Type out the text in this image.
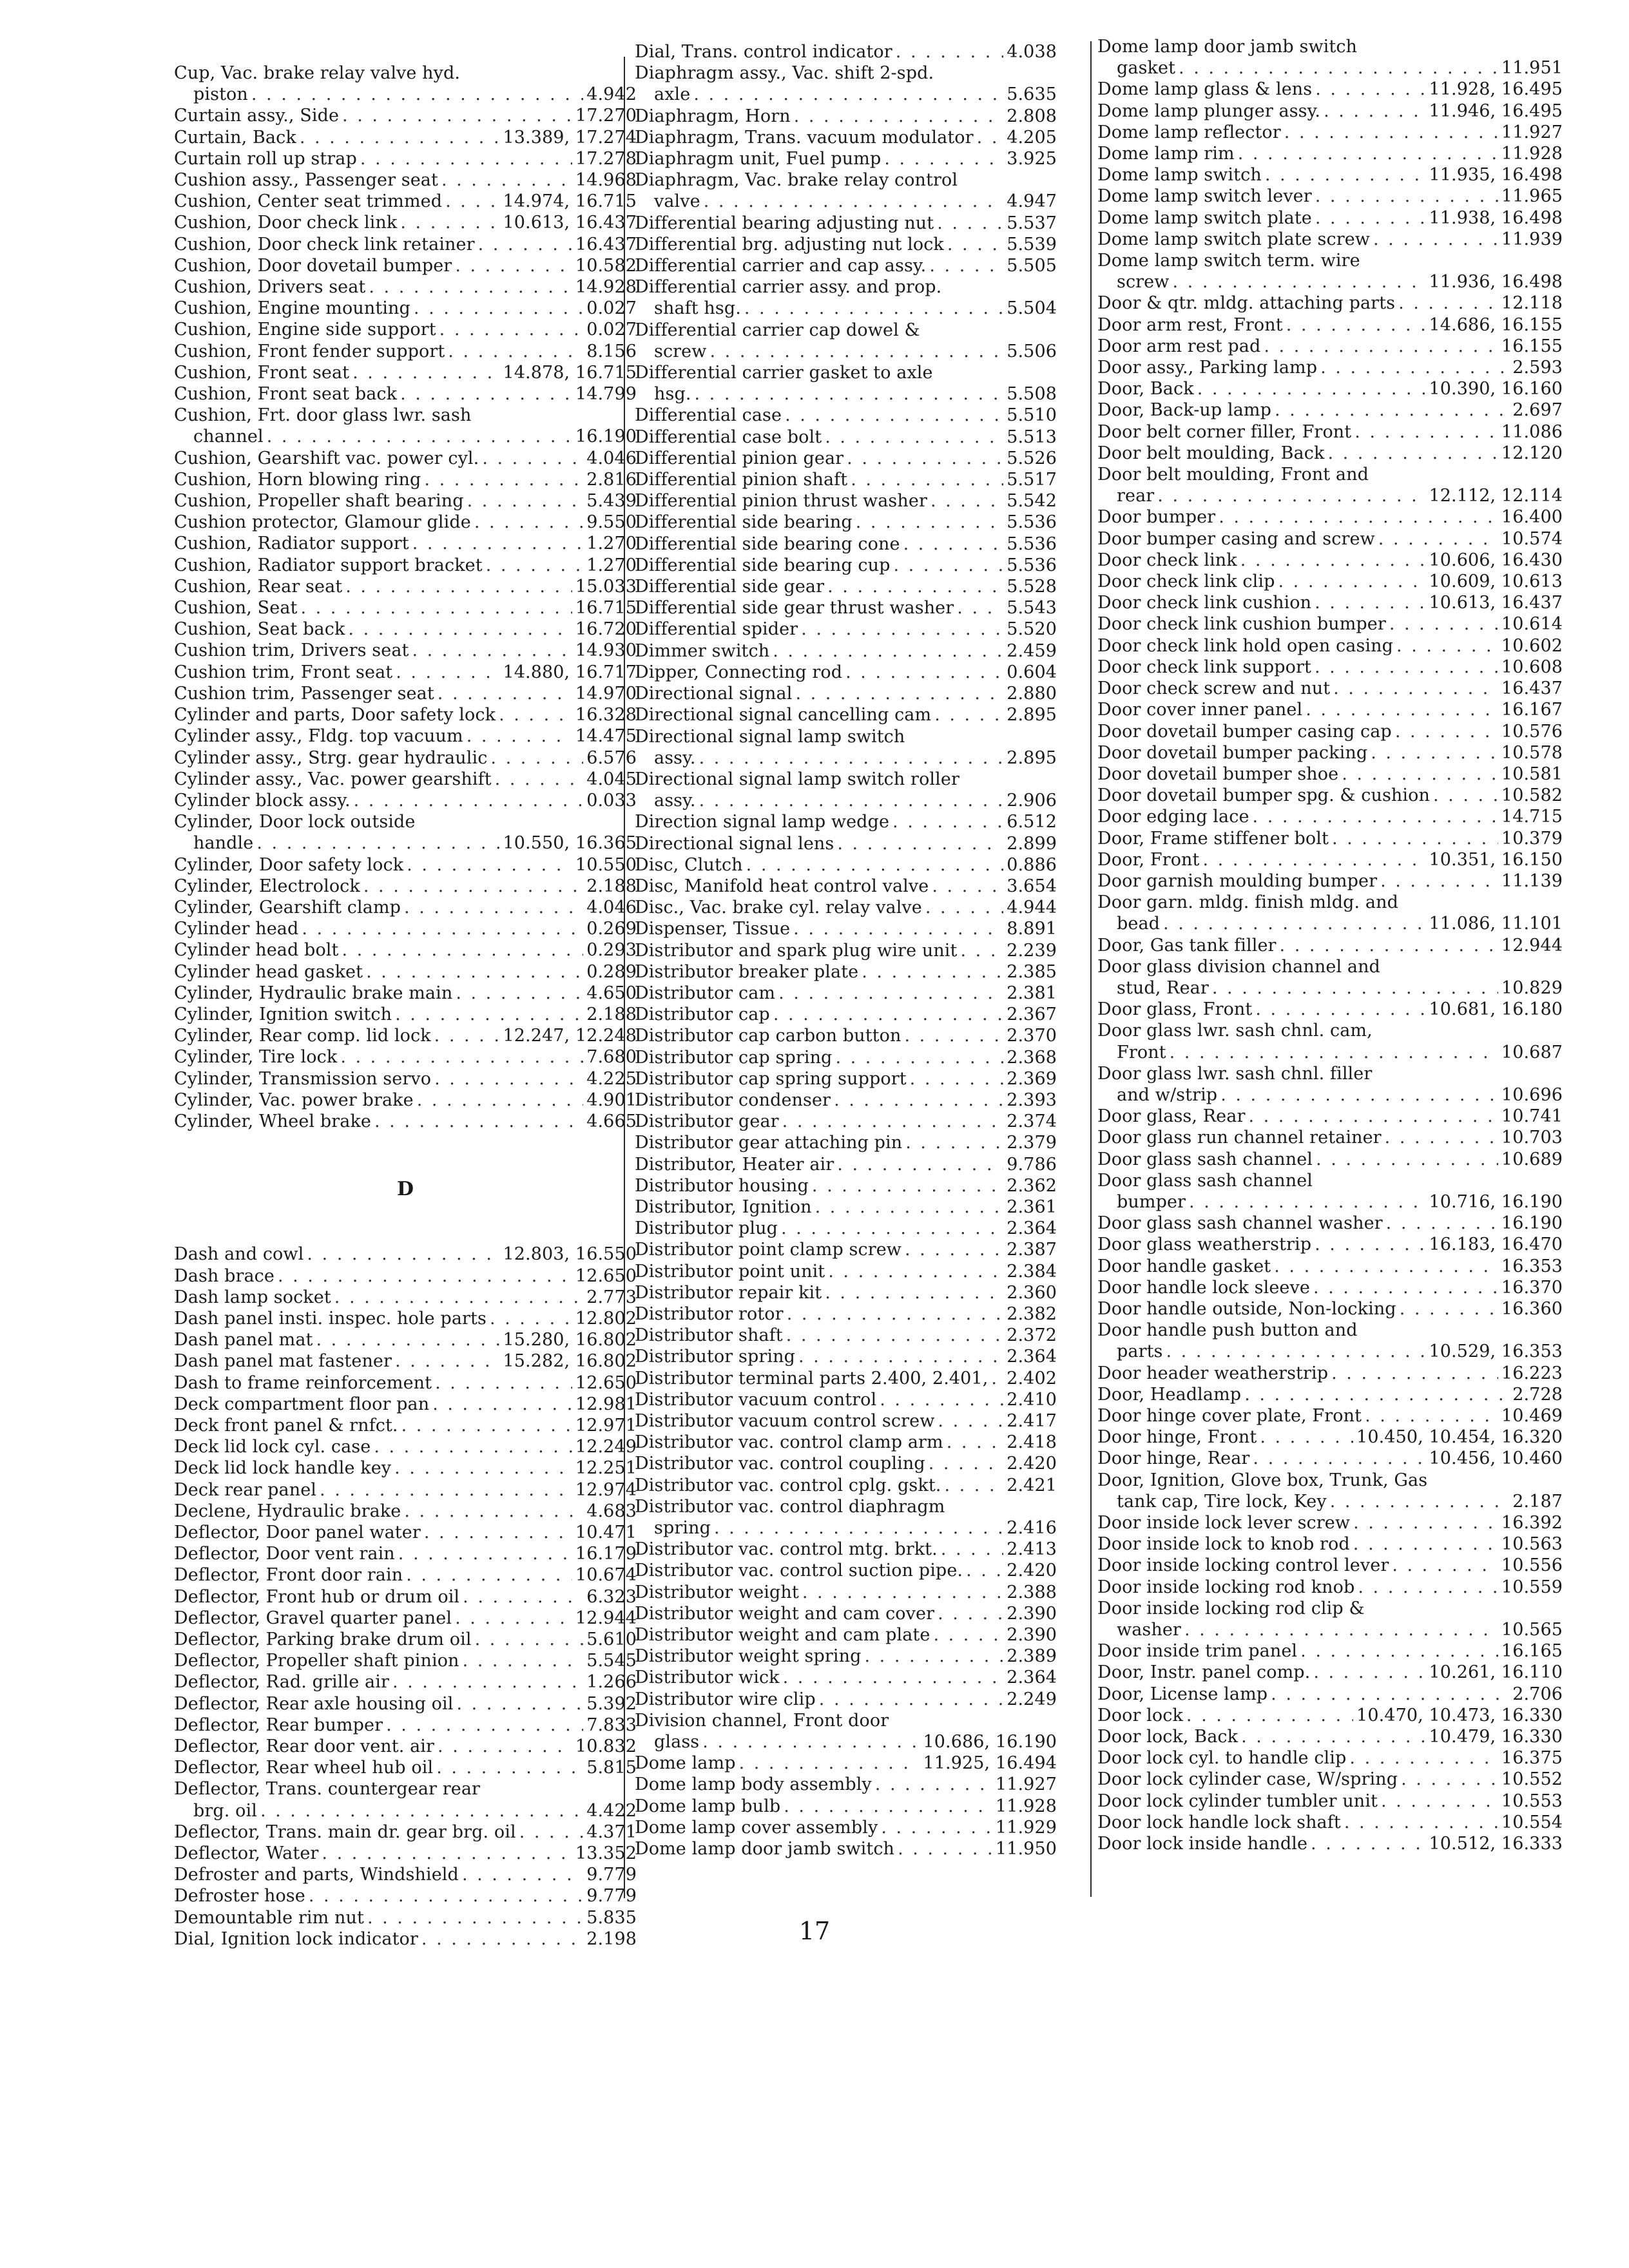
Cup, Vac. brake relay valve hyd.
piston . . .	4.942
Curtain assy., Side . . .	17.270
Curtain, Back . . .	13.389, 17.274
Curtain roll up strap . . .	17.278
Cushion assy., Passenger seat . . .	14.968
Cushion, Center seat trimmed . . .	14.974, 16.715
Cushion, Door check link . . .	10.613, 16.437
Cushion, Door check link retainer . . .	16.437
Cushion, Door dovetail bumper . . .	10.582
Cushion, Drivers seat . . .	14.928
Cushion, Engine mounting . . .	0.027
Cushion, Engine side support . . .	0.027
Cushion, Front fender support . . .	8.156
Cushion, Front seat . . .	14.878, 16.715
Cushion, Front seat back . . .	14.799
Cushion, Frt. door glass lwr. sash
channel . . .	16.190
Cushion, Gearshift vac. power cyl. . . .	4.046
Cushion, Horn blowing ring . . .	2.816
Cushion, Propeller shaft bearing . . .	5.439
Cushion protector, Glamour glide . . .	9.550
Cushion, Radiator support . . .	1.270
Cushion, Radiator support bracket . . .	1.270
Cushion, Rear seat . . .	15.033
Cushion, Seat . . .	16.715
Cushion, Seat back . . .	16.720
Cushion trim, Drivers seat . . .	14.930
Cushion trim, Front seat . . .	14.880, 16.717
Cushion trim, Passenger seat . . .	14.970
Cylinder and parts, Door safety lock . . .	16.328
Cylinder assy., Fldg. top vacuum . . .	14.475
Cylinder assy., Strg. gear hydraulic . . .	6.576
Cylinder assy., Vac. power gearshift . . .	4.045
Cylinder block assy. . . .	0.033
Cylinder, Door lock outside
handle . . .	10.550, 16.365
Cylinder, Door safety lock . . .	10.550
Cylinder, Electrolock . . .	2.188
Cylinder, Gearshift clamp . . .	4.046
Cylinder head . . .	0.269
Cylinder head bolt . . .	0.293
Cylinder head gasket . . .	0.289
Cylinder, Hydraulic brake main . . .	4.650
Cylinder, Ignition switch . . .	2.188
Cylinder, Rear comp. lid lock . . .	12.247, 12.248
Cylinder, Tire lock . . .	7.680
Cylinder, Transmission servo . . .	4.225
Cylinder, Vac. power brake . . .	4.901
Cylinder, Wheel brake . . .	4.665
D
Dash and cowl . . .	12.803, 16.550
Dash brace . . .	12.650
Dash lamp socket . . .	2.773
Dash panel insti. inspec. hole parts . . .	12.802
Dash panel mat . . .	15.280, 16.802
Dash panel mat fastener . . .	15.282, 16.802
Dash to frame reinforcement . . .	12.650
Deck compartment floor pan . . .	12.981
Deck front panel & rnfct. . . .	12.971
Deck lid lock cyl. case . . .	12.249
Deck lid lock handle key . . .	12.251
Deck rear panel . . .	12.974
Declene, Hydraulic brake . . .	4.683
Deflector, Door panel water . . .	10.471
Deflector, Door vent rain . . .	16.179
Deflector, Front door rain . . .	10.674
Deflector, Front hub or drum oil . . .	6.323
Deflector, Gravel quarter panel . . .	12.944
Deflector, Parking brake drum oil . . .	5.610
Deflector, Propeller shaft pinion . . .	5.545
Deflector, Rad. grille air . . .	1.266
Deflector, Rear axle housing oil . . .	5.392
Deflector, Rear bumper . . .	7.833
Deflector, Rear door vent. air . . .	10.832
Deflector, Rear wheel hub oil . . .	5.815
Deflector, Trans. countergear rear
brg. oil . . .	4.422
Deflector, Trans. main dr. gear brg. oil . . .	4.371
Deflector, Water . . .	13.352
Defroster and parts, Windshield . . .	9.779
Defroster hose . . .	9.779
Demountable rim nut . . .	5.835
Dial, Ignition lock indicator . . .	2.198
Dial, Trans. control indicator . . .	4.038
Diaphragm assy., Vac. shift 2-spd.
axle . . .	5.635
Diaphragm, Horn . . .	2.808
Diaphragm, Trans. vacuum modulator . . . 4.205
Diaphragm unit, Fuel pump . . .	3.925
Diaphragm, Vac. brake relay control
valve . . .	4.947
Differential bearing adjusting nut . . .	5.537
Differential brg. adjusting nut lock . . .	5.539
Differential carrier and cap assy. . . .	5.505
Differential carrier assy. and prop.
shaft hsg. . . .	5.504
Differential carrier cap dowel &
screw . . .	5.506
Differential carrier gasket to axle
hsg. . . .	5.508
Differential case . . .	5.510
Differential case bolt . . .	5.513
Differential pinion gear . . .	5.526
Differential pinion shaft . . .	5.517
Differential pinion thrust washer . . .	5.542
Differential side bearing . . .	5.536
Differential side bearing cone . . .	5.536
Differential side bearing cup . . .	5.536
Differential side gear . . .	5.528
Differential side gear thrust washer . . .	5.543
Differential spider . . .	5.520
Dimmer switch . . .	2.459
Dipper, Connecting rod . . .	0.604
Directional signal . . .	2.880
Directional signal cancelling cam . . .	2.895
Directional signal lamp switch
assy. . . .	2.895
Directional signal lamp switch roller
assy. . . .	2.906
Direction signal lamp wedge . . .	6.512
Directional signal lens . . .	2.899
Disc, Clutch . . .	0.886
Disc, Manifold heat control valve . . .	3.654
Disc., Vac. brake cyl. relay valve . . .	4.944
Dispenser, Tissue . . .	8.891
Distributor and spark plug wire unit . . .	2.239
Distributor breaker plate . . .	2.385
Distributor cam . . .	2.381
Distributor cap . . .	2.367
Distributor cap carbon button . . .	2.370
Distributor cap spring . . .	2.368
Distributor cap spring support . . .	2.369
Distributor condenser . . .	2.393
Distributor gear . . .	2.374
Distributor gear attaching pin . . .	2.379
Distributor, Heater air . . .	9.786
Distributor housing . . .	2.362
Distributor, Ignition . . .	2.361
Distributor plug . . .	2.364
Distributor point clamp screw . . .	2.387
Distributor point unit . . .	2.384
Distributor repair kit . . .	2.360
Distributor rotor . . .	2.382
Distributor shaft . . .	2.372
Distributor spring . . .	2.364
Distributor terminal parts 2.400, 2.401, . . . 2.402
Distributor vacuum control . . .	2.410
Distributor vacuum control screw . . .	2.417
Distributor vac. control clamp arm . . .	2.418
Distributor vac. control coupling . . .	2.420
Distributor vac. control cplg. gskt. . . .	2.421
Distributor vac. control diaphragm
spring . . .	2.416
Distributor vac. control mtg. brkt. . . .	2.413
Distributor vac. control suction pipe. . . .	2.420
Distributor weight . . .	2.388
Distributor weight and cam cover . . .	2.390
Distributor weight and cam plate . . .	2.390
Distributor weight spring . . .	2.389
Distributor wick . . .	2.364
Distributor wire clip . . .	2.249
Division channel, Front door
glass . . .	10.686, 16.190
Dome lamp . . .	11.925, 16.494
Dome lamp body assembly . . .	11.927
Dome lamp bulb . . .	11.928
Dome lamp cover assembly . . .	11.929
Dome lamp door jamb switch . . .	11.950
Dome lamp door jamb switch
gasket . . .	11.951
Dome lamp glass & lens . . .	11.928, 16.495
Dome lamp plunger assy. . . .	11.946, 16.495
Dome lamp reflector . . .	11.927
Dome lamp rim . . .	11.928
Dome lamp switch . . .	11.935, 16.498
Dome lamp switch lever . . .	11.965
Dome lamp switch plate . . .	11.938, 16.498
Dome lamp switch plate screw . . .	11.939
Dome lamp switch term. wire
screw . . .	11.936, 16.498
Door & qtr. mldg. attaching parts . . .	12.118
Door arm rest, Front . . .	14.686, 16.155
Door arm rest pad . . .	16.155
Door assy., Parking lamp . . .	2.593
Door, Back . . .	10.390, 16.160
Door, Back-up lamp . . .	2.697
Door belt corner filler, Front . . .	11.086
Door belt moulding, Back . . .	12.120
Door belt moulding, Front and
rear . . .	12.112, 12.114
Door bumper . . .	16.400
Door bumper casing and screw . . .	10.574
Door check link . . .	10.606, 16.430
Door check link clip . . .	10.609, 10.613
Door check link cushion . . .	10.613, 16.437
Door check link cushion bumper . . .	10.614
Door check link hold open casing . . .	10.602
Door check link support . . .	10.608
Door check screw and nut . . .	16.437
Door cover inner panel . . .	16.167
Door dovetail bumper casing cap . . .	10.576
Door dovetail bumper packing . . .	10.578
Door dovetail bumper shoe . . .	10.581
Door dovetail bumper spg. & cushion . . .	10.582
Door edging lace . . .	14.715
Door, Frame stiffener bolt . . .	10.379
Door, Front . . .	10.351, 16.150
Door garnish moulding bumper . . .	11.139
Door garn. mldg. finish mldg. and
bead . . .	11.086, 11.101
Door, Gas tank filler . . .	12.944
Door glass division channel and
stud, Rear . . .	10.829
Door glass, Front . . .	10.681, 16.180
Door glass lwr. sash chnl. cam,
Front . . .	10.687
Door glass lwr. sash chnl. filler
and w/strip . . .	10.696
Door glass, Rear . . .	10.741
Door glass run channel retainer . . .	10.703
Door glass sash channel . . .	10.689
Door glass sash channel
bumper . . .	10.716, 16.190
Door glass sash channel washer . . .	16.190
Door glass weatherstrip . . .	16.183, 16.470
Door handle gasket . . .	16.353
Door handle lock sleeve . . .	16.370
Door handle outside, Non-locking . . .	16.360
Door handle push button and
parts . . .	10.529, 16.353
Door header weatherstrip . . .	16.223
Door, Headlamp . . .	2.728
Door hinge cover plate, Front . . .	10.469
Door hinge, Front . . .	10.450, 10.454, 16.320
Door hinge, Rear . . .	10.456, 10.460
Door, Ignition, Glove box, Trunk, Gas
tank cap, Tire lock, Key . . .	2.187
Door inside lock lever screw . . .	16.392
Door inside lock to knob rod . . .	10.563
Door inside locking control lever . . .	10.556
Door inside locking rod knob . . .	10.559
Door inside locking rod clip &
washer . . .	10.565
Door inside trim panel . . .	16.165
Door, Instr. panel comp. . . .	10.261, 16.110
Door, License lamp . . .	2.706
Door lock . . .	10.470, 10.473, 16.330
Door lock, Back . . .	10.479, 16.330
Door lock cyl. to handle clip . . .	16.375
Door lock cylinder case, W/spring . . .	10.552
Door lock cylinder tumbler unit . . .	10.553
Door lock handle lock shaft . . .	10.554
Door lock inside handle . . .	10.512, 16.333
17
